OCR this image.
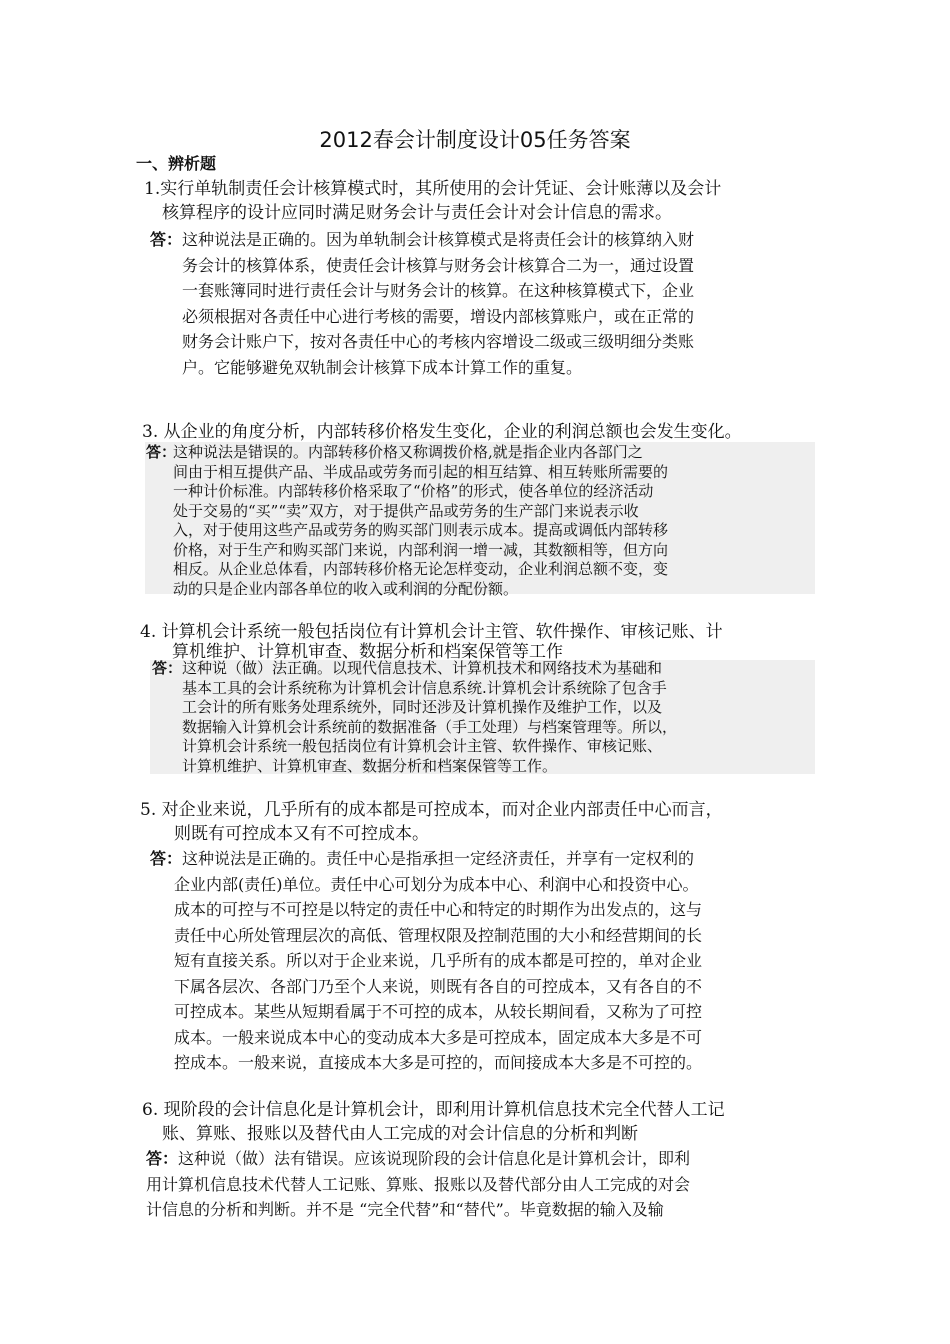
2012春会计制度设计05任务答案
一、辨析题
1.实行单轨制责任会计核算模式时，其所使用的会计凭证、会计账薄以及会计
核算程序的设计应同时满足财务会计与责任会计对会计信息的需求。
答： 这种说法是正确的。因为单轨制会计核算模式是将责任会计的核算纳入财
务会计的核算体系，使责任会计核算与财务会计核算合二为一，通过设置
一套账簿同时进行责任会计与财务会计的核算。在这种核算模式下，企业
必须根据对各责任中心进行考核的需要，增设内部核算账户，或在正常的
财务会计账户下，按对各责任中心的考核内容增设二级或三级明细分类账
户。它能够避免双轨制会计核算下成本计算工作的重复。
3. 从企业的角度分析，内部转移价格发生变化，企业的利润总额也会发生变化。
答：
这种说法是错误的。内部转移价格又称调拨价格,就是指企业内各部门之
间由于相互提供产品、半成品或劳务而引起的相互结算、相互转账所需要的
一种计价标准。内部转移价格采取了“价格”的形式，使各单位的经济活动
处于交易的“买”“卖”双方，对于提供产品或劳务的生产部门来说表示收
入，对于使用这些产品或劳务的购买部门则表示成本。提高或调低内部转移
价格，对于生产和购买部门来说，内部利润一增一减，其数额相等，但方向
相反。从企业总体看，内部转移价格无论怎样变动，企业利润总额不变，变
动的只是企业内部各单位的收入或利润的分配份额。
4. 计算机会计系统一般包括岗位有计算机会计主管、软件操作、审核记账、计
算机维护、计算机审查、数据分析和档案保管等工作
答： 这种说（做）法正确。以现代信息技术、计算机技术和网络技术为基础和
基本工具的会计系统称为计算机会计信息系统.计算机会计系统除了包含手
工会计的所有账务处理系统外，同时还涉及计算机操作及维护工作，以及
数据输入计算机会计系统前的数据准备（手工处理）与档案管理等。所以，
计算机会计系统一般包括岗位有计算机会计主管、软件操作、审核记账、
计算机维护、计算机审查、数据分析和档案保管等工作。
5. 对企业来说，几乎所有的成本都是可控成本，而对企业内部责任中心而言，
则既有可控成本又有不可控成本。
答： 这种说法是正确的。责任中心是指承担一定经济责任，并享有一定权利的
企业内部(责任)单位。责任中心可划分为成本中心、利润中心和投资中心。
成本的可控与不可控是以特定的责任中心和特定的时期作为出发点的，这与
责任中心所处管理层次的高低、管理权限及控制范围的大小和经营期间的长
短有直接关系。所以对于企业来说，几乎所有的成本都是可控的，单对企业
下属各层次、各部门乃至个人来说，则既有各自的可控成本，又有各自的不
可控成本。某些从短期看属于不可控的成本，从较长期间看，又称为了可控
成本。一般来说成本中心的变动成本大多是可控成本，固定成本大多是不可
控成本。一般来说，直接成本大多是可控的，而间接成本大多是不可控的。
6. 现阶段的会计信息化是计算机会计，即利用计算机信息技术完全代替人工记
账、算账、报账以及替代由人工完成的对会计信息的分析和判断
答： 这种说（做）法有错误。应该说现阶段的会计信息化是计算机会计，即利
用计算机信息技术代替人工记账、算账、报账以及替代部分由人工完成的对会
计信息的分析和判断。并不是 “完全代替”和“替代”。毕竟数据的输入及输
